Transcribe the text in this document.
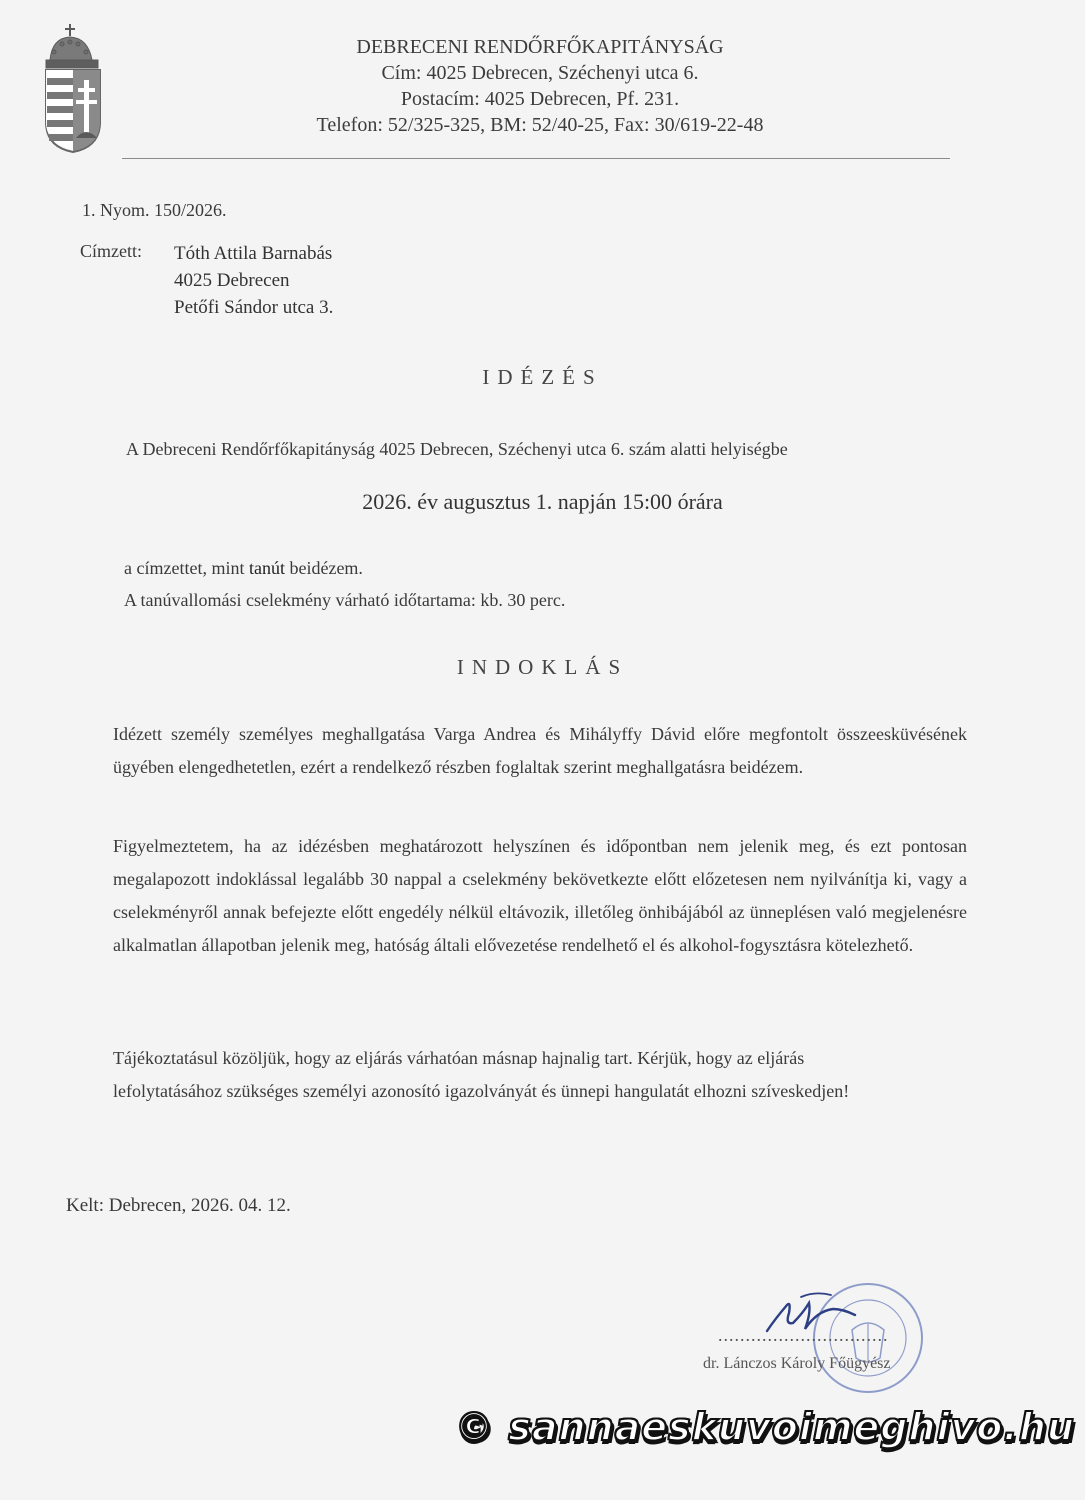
DEBRECENI RENDŐRFŐKAPITÁNYSÁG
Cím: 4025 Debrecen, Széchenyi utca 6.
Postacím: 4025 Debrecen, Pf. 231.
Telefon: 52/325-325, BM: 52/40-25, Fax: 30/619-22-48
1. Nyom. 150/2026.
Címzett: Tóth Attila Barnabás
4025 Debrecen
Petőfi Sándor utca 3.
IDÉZÉS
A Debreceni Rendőrfőkapitányság 4025 Debrecen, Széchenyi utca 6. szám alatti helyiségbe
2026. év augusztus 1. napján 15:00 órára
a címzettet, mint tanút beidézem.
A tanúvallomási cselekmény várható időtartama: kb. 30 perc.
INDOKLÁS
Idézett személy személyes meghallgatása Varga Andrea és Mihályffy Dávid előre megfontolt összeesküvésének ügyében elengedhetetlen, ezért a rendelkező részben foglaltak szerint meghallgatásra beidézem.
Figyelmeztetem, ha az idézésben meghatározott helyszínen és időpontban nem jelenik meg, és ezt pontosan megalapozott indoklással legalább 30 nappal a cselekmény bekövetkezte előtt előzetesen nem nyilvánítja ki, vagy a cselekményről annak befejezte előtt engedély nélkül eltávozik, illetőleg önhibájából az ünneplésen való megjelenésre alkalmatlan állapotban jelenik meg, hatóság általi elővezetése rendelhető el és alkohol-fogysztásra kötelezhető.
Tájékoztatásul közöljük, hogy az eljárás várhatóan másnap hajnalig tart. Kérjük, hogy az eljárás lefolytatásához szükséges személyi azonosító igazolványát és ünnepi hangulatát elhozni szíveskedjen!
Kelt: Debrecen, 2026. 04. 12.
...............................
dr. Lánczos Károly Főügyész
© sannaeskuvoimeghivo.hu
